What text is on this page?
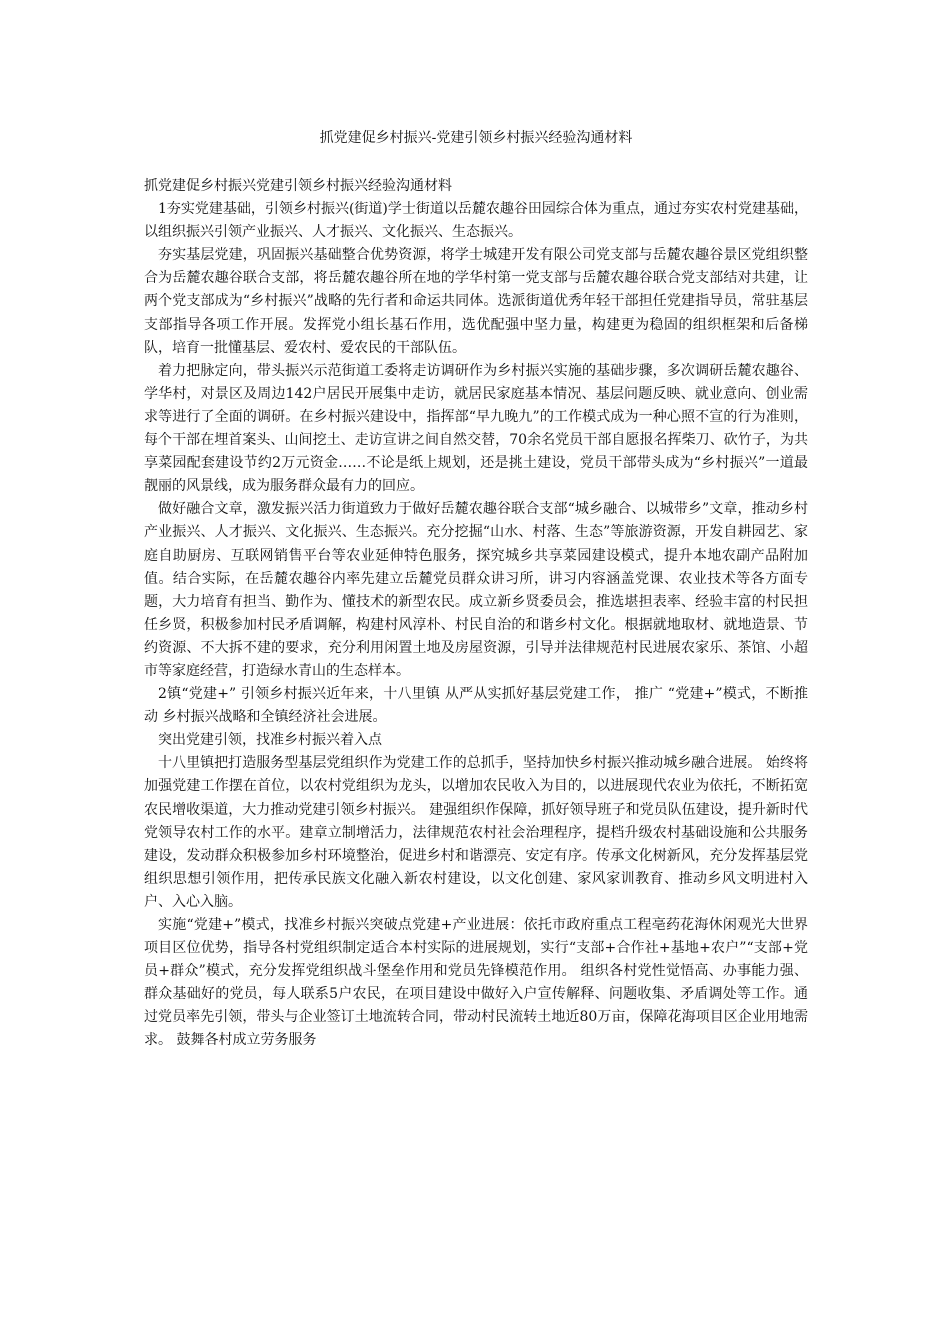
抓党建促乡村振兴-党建引领乡村振兴经验沟通材料

抓党建促乡村振兴党建引领乡村振兴经验沟通材料

1夯实党建基础，引领乡村振兴(街道)学士街道以岳麓农趣谷田园综合体为重点，通过夯实农村党建基础，以组织振兴引领产业振兴、人才振兴、文化振兴、生态振兴。

夯实基层党建，巩固振兴基础整合优势资源，将学士城建开发有限公司党支部与岳麓农趣谷景区党组织整合为岳麓农趣谷联合支部，将岳麓农趣谷所在地的学华村第一党支部与岳麓农趣谷联合党支部结对共建，让两个党支部成为“乡村振兴”战略的先行者和命运共同体。选派街道优秀年轻干部担任党建指导员，常驻基层支部指导各项工作开展。发挥党小组长基石作用，选优配强中坚力量，构建更为稳固的组织框架和后备梯队，培育一批懂基层、爱农村、爱农民的干部队伍。

着力把脉定向，带头振兴示范街道工委将走访调研作为乡村振兴实施的基础步骤，多次调研岳麓农趣谷、学华村，对景区及周边142户居民开展集中走访，就居民家庭基本情况、基层问题反映、就业意向、创业需求等进行了全面的调研。在乡村振兴建设中，指挥部“早九晚九”的工作模式成为一种心照不宣的行为准则，每个干部在埋首案头、山间挖土、走访宣讲之间自然交替，70余名党员干部自愿报名挥柴刀、砍竹子，为共享菜园配套建设节约2万元资金……不论是纸上规划，还是挑土建设，党员干部带头成为“乡村振兴”一道最靓丽的风景线，成为服务群众最有力的回应。

做好融合文章，激发振兴活力街道致力于做好岳麓农趣谷联合支部“城乡融合、以城带乡”文章，推动乡村产业振兴、人才振兴、文化振兴、生态振兴。充分挖掘“山水、村落、生态”等旅游资源，开发自耕园艺、家庭自助厨房、互联网销售平台等农业延伸特色服务，探究城乡共享菜园建设模式，提升本地农副产品附加值。结合实际，在岳麓农趣谷内率先建立岳麓党员群众讲习所，讲习内容涵盖党课、农业技术等各方面专题，大力培育有担当、勤作为、懂技术的新型农民。成立新乡贤委员会，推选堪担表率、经验丰富的村民担任乡贤，积极参加村民矛盾调解，构建村风淳朴、村民自治的和谐乡村文化。根据就地取材、就地造景、节约资源、不大拆不建的要求，充分利用闲置土地及房屋资源，引导并法律规范村民进展农家乐、茶馆、小超市等家庭经营，打造绿水青山的生态样本。

2镇“党建+” 引领乡村振兴近年来，十八里镇 从严从实抓好基层党建工作， 推广 “党建+”模式，不断推动 乡村振兴战略和全镇经济社会进展。

突出党建引领，找准乡村振兴着入点

十八里镇把打造服务型基层党组织作为党建工作的总抓手，坚持加快乡村振兴推动城乡融合进展。 始终将加强党建工作摆在首位，以农村党组织为龙头，以增加农民收入为目的，以进展现代农业为依托，不断拓宽农民增收渠道，大力推动党建引领乡村振兴。 建强组织作保障，抓好领导班子和党员队伍建设，提升新时代党领导农村工作的水平。建章立制增活力，法律规范农村社会治理程序，提档升级农村基础设施和公共服务建设，发动群众积极参加乡村环境整治，促进乡村和谐漂亮、安定有序。传承文化树新风，充分发挥基层党组织思想引领作用，把传承民族文化融入新农村建设，以文化创建、家风家训教育、推动乡风文明进村入户、入心入脑。

实施“党建+”模式，找准乡村振兴突破点党建+产业进展：依托市政府重点工程亳药花海休闲观光大世界项目区位优势，指导各村党组织制定适合本村实际的进展规划，实行“支部+合作社+基地+农户”“支部+党员+群众”模式，充分发挥党组织战斗堡垒作用和党员先锋模范作用。 组织各村党性觉悟高、办事能力强、群众基础好的党员，每人联系5户农民，在项目建设中做好入户宣传解释、问题收集、矛盾调处等工作。通过党员率先引领，带头与企业签订土地流转合同，带动村民流转土地近80万亩，保障花海项目区企业用地需求。 鼓舞各村成立劳务服务
